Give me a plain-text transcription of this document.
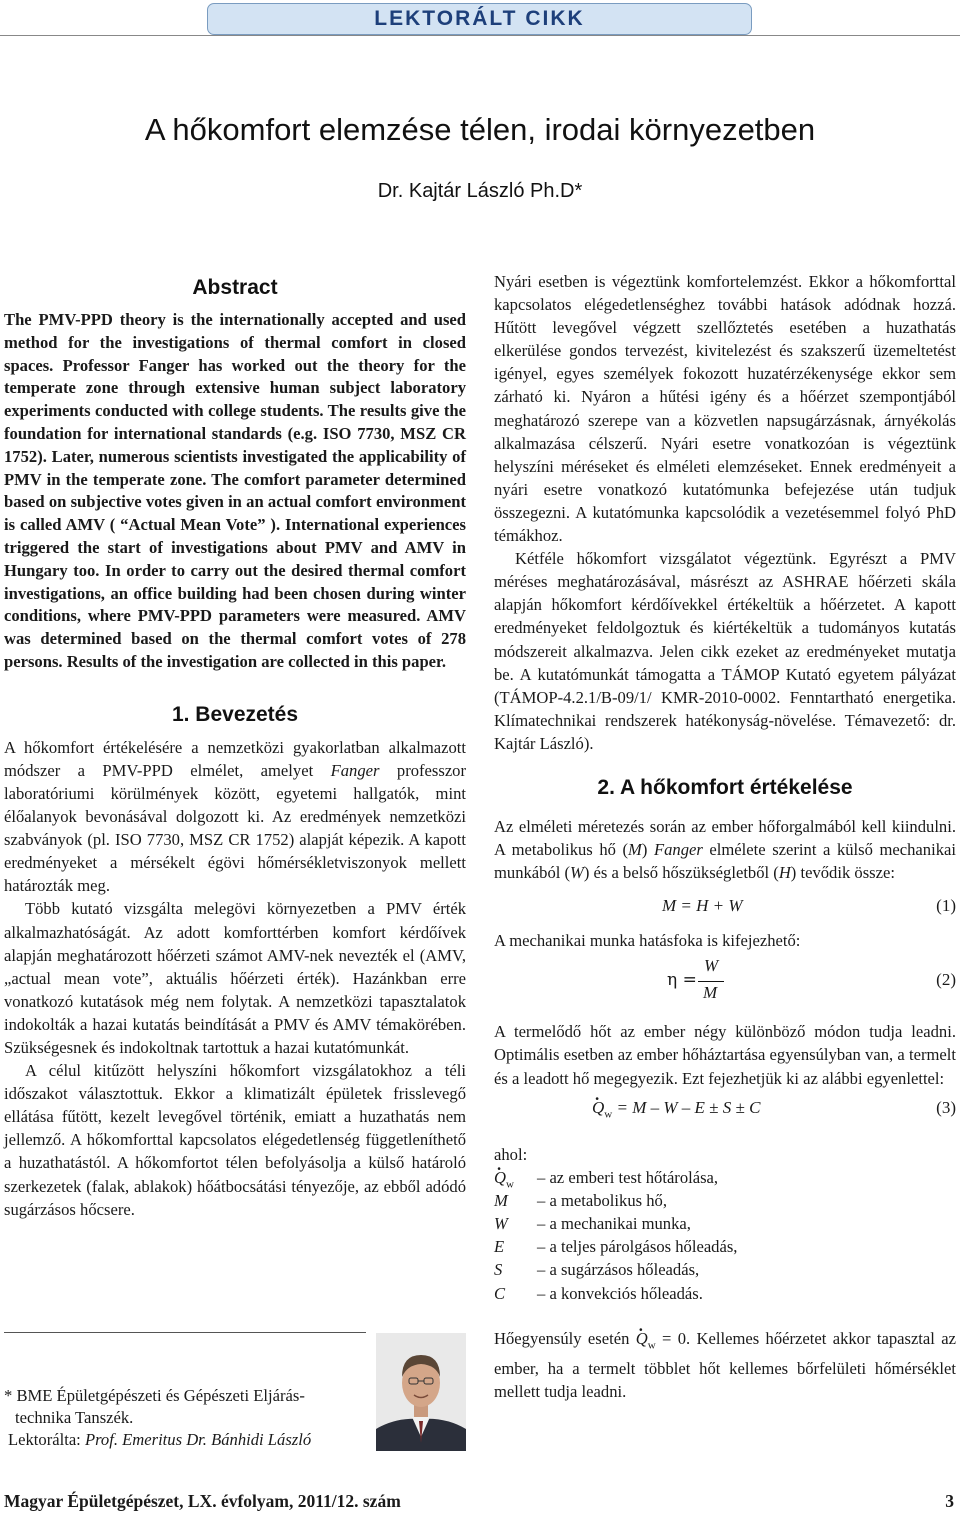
LEKTORÁLT CIKK
A hőkomfort elemzése télen, irodai környezetben
Dr. Kajtár László Ph.D*
Abstract

The PMV-PPD theory is the internationally accepted and used method for the investigations of thermal comfort in closed spaces. Professor Fanger has worked out the theory for the temperate zone through extensive human subject laboratory experiments conducted with college students. The results give the foundation for international standards (e.g. ISO 7730, MSZ CR 1752). Later, numerous scientists investigated the applicability of PMV in the temperate zone. The comfort parameter determined based on subjective votes given in an actual comfort environment is called AMV ( “Actual Mean Vote” ). International experiences triggered the start of investigations about PMV and AMV in Hungary too. In order to carry out the desired thermal comfort investigations, an office building had been chosen during winter conditions, where PMV-PPD parameters were measured. AMV was determined based on the thermal comfort votes of 278 persons. Results of the investigation are collected in this paper.

1. Bevezetés

A hőkomfort értékelésére a nemzetközi gyakorlatban alkalmazott módszer a PMV-PPD elmélet, amelyet Fanger professzor laboratóriumi körülmények között, egyetemi hallgatók, mint élőalanyok bevonásával dolgozott ki. Az eredmények nemzetközi szabványok (pl. ISO 7730, MSZ CR 1752) alapját képezik. A kapott eredményeket a mérsékelt égövi hőmérsékletviszonyok mellett határozták meg.

Több kutató vizsgálta melegövi környezetben a PMV érték alkalmazhatóságát. Az adott komforttérben komfort kérdőívek alapján meghatározott hőérzeti számot AMV-nek nevezték el (AMV, „actual mean vote”, aktuális hőérzeti érték). Hazánkban erre vonatkozó kutatások még nem folytak. A nemzetközi tapasztalatok indokolták a hazai kutatás beindítását a PMV és AMV témakörében. Szükségesnek és indokoltnak tartottuk a hazai kutatómunkát.

A célul kitűzött helyszíni hőkomfort vizsgálatokhoz a téli időszakot választottuk. Ekkor a klimatizált épületek frisslevegő ellátása fűtött, kezelt levegővel történik, emiatt a huzathatás nem jellemző. A hőkomforttal kapcsolatos elégedetlenség függetleníthető a huzathatástól. A hőkomfortot télen befolyásolja a külső határoló szerkezetek (falak, ablakok) hőátbocsátási tényezője, az ebből adódó sugárzásos hőcsere.

* BME Épületgépészeti és Gépészeti Eljárás-
technika Tanszék.
Lektorálta: Prof. Emeritus Dr. Bánhidi László

Nyári esetben is végeztünk komfortelemzést. Ekkor a hőkomforttal kapcsolatos elégedetlenséghez további hatások adódnak hozzá. Hűtött levegővel végzett szellőztetés esetében a huzathatás elkerülése gondos tervezést, kivitelezést és szakszerű üzemeltetést igényel, egyes személyek fokozott huzatérzékenysége ekkor sem zárható ki. Nyáron a hűtési igény és a hőérzet szempontjából meghatározó szerepe van a közvetlen napsugárzásnak, árnyékolás alkalmazása célszerű. Nyári esetre vonatkozóan is végeztünk helyszíni méréseket és elméleti elemzéseket. Ennek eredményeit a nyári esetre vonatkozó kutatómunka befejezése után tudjuk összegezni. A kutatómunka kapcsolódik a vezetésemmel folyó PhD témákhoz.

Kétféle hőkomfort vizsgálatot végeztünk. Egyrészt a PMV méréses meghatározásával, másrészt az ASHRAE hőérzeti skála alapján hőkomfort kérdőívekkel értékeltük a hőérzetet. A kapott eredményeket feldolgoztuk és kiértékeltük a tudományos kutatás módszereit alkalmazva. Jelen cikk ezeket az eredményeket mutatja be. A kutatómunkát támogatta a TÁMOP Kutató egyetem pályázat (TÁMOP-4.2.1/B-09/1/ KMR-2010-0002. Fenntartható energetika. Klímatechnikai rendszerek hatékonyság-növelése. Témavezető: dr. Kajtár László).

2. A hőkomfort értékelése

Az elméleti méretezés során az ember hőforgalmából kell kiindulni. A metabolikus hő (M) Fanger elmélete szerint a külső mechanikai munkából (W) és a belső hőszükségletből (H) tevődik össze:

M = H + W	(1)

A mechanikai munka hatásfoka is kifejezhető:

η =
W
M
(2)

A termelődő hőt az ember négy különböző módon tudja leadni. Optimális esetben az ember hőháztartása egyensúlyban van, a termelt és a leadott hő megegyezik. Ezt fejezhetjük ki az alábbi egyenlettel:

. $Q_w = M - W - E \pm S \pm C$	(3)

ahol:

. $Q_w$ – az emberi test hőtárolása,
M – a metabolikus hő,
W – a mechanikai munka,
E – a teljes párolgásos hőleadás,
S – a sugárzásos hőleadás,
C – a konvekciós hőleadás.

Hőegyensúly esetén . $Q_w = 0$. Kellemes hőérzetet akkor tapasztal az ember, ha a termelt többlet hőt kellemes bőrfelületi hőmérséklet mellett tudja leadni.

Magyar Épületgépészet, LX. évfolyam, 2011/12. szám	3
